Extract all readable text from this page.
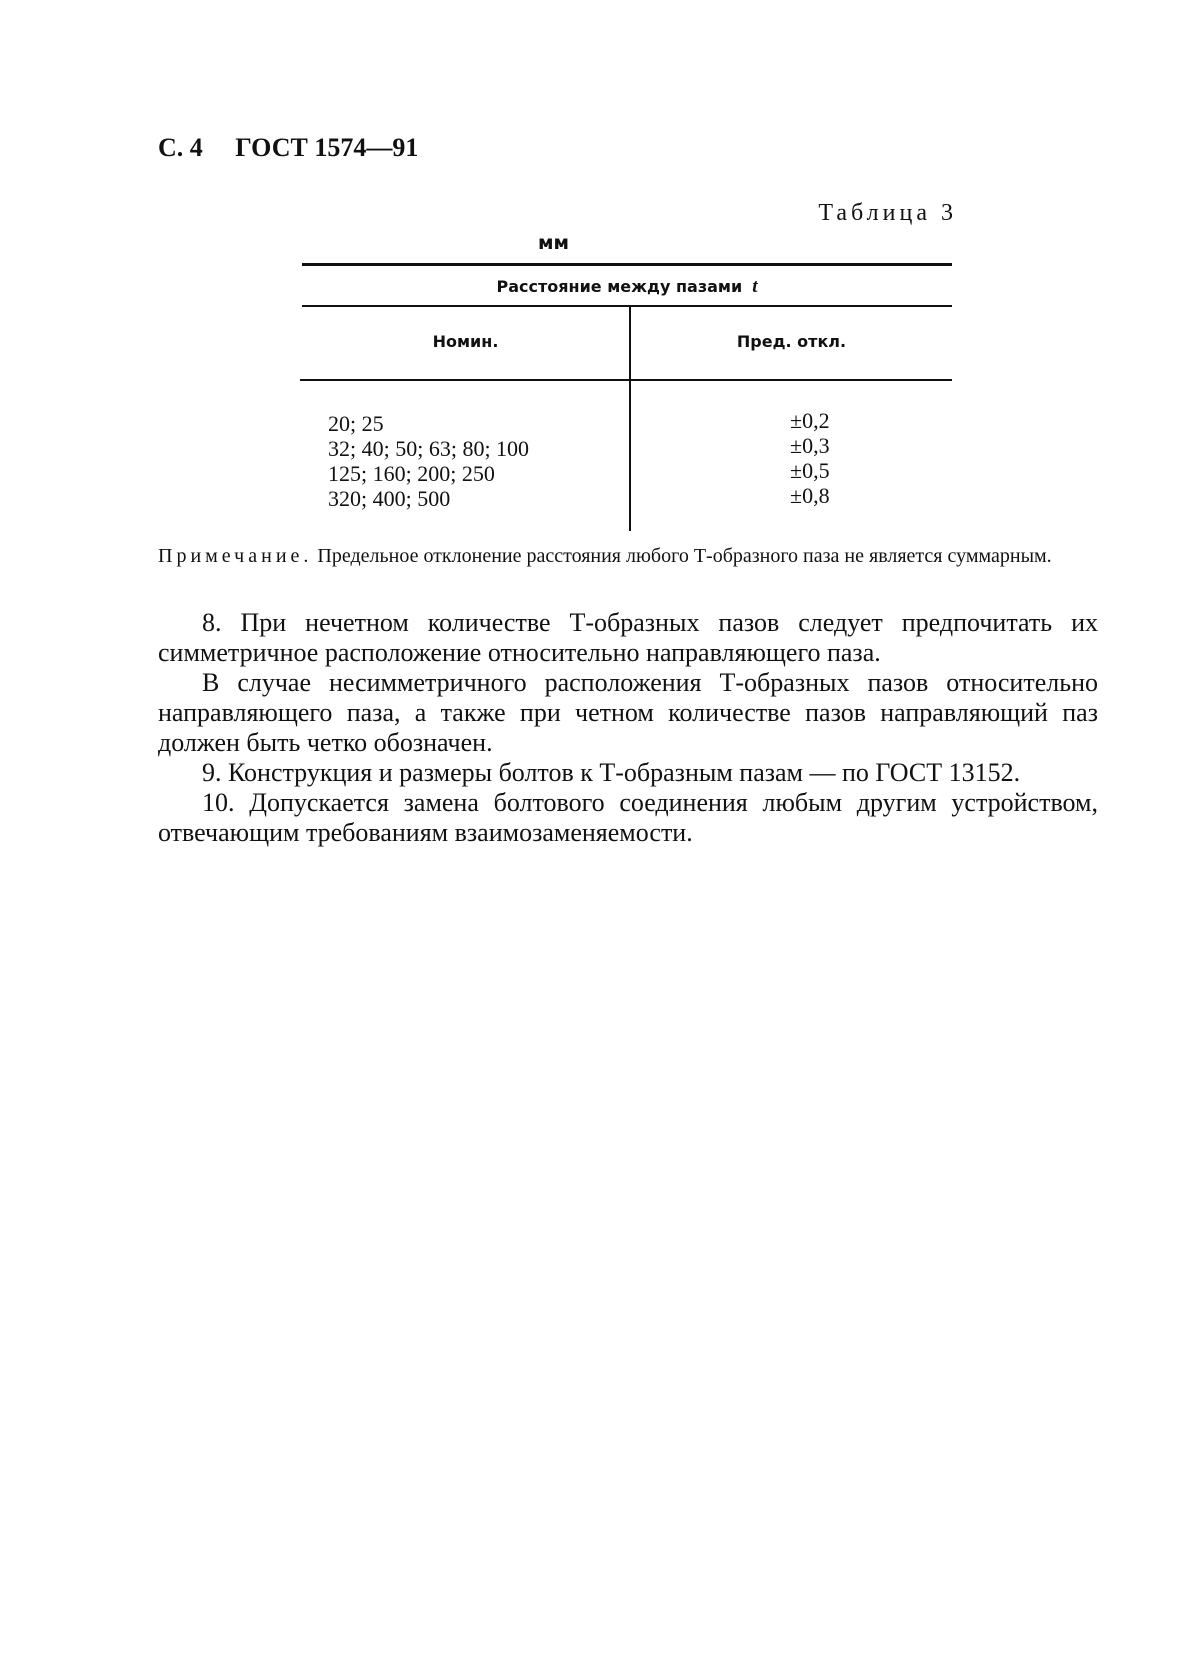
С. 4 ГОСТ 1574—91
Таблица 3
мм
Расстояние между пазами t
Номин.	Пред. откл.
20; 25
32; 40; 50; 63; 80; 100
125; 160; 200; 250
320; 400; 500
±0,2
±0,3
±0,5
±0,8
Примечание. Предельное отклонение расстояния любого Т-образного паза не является суммарным.

8. При нечетном количестве Т-образных пазов следует предпочитать их симметричное расположение относительно направляющего паза.

В случае несимметричного расположения Т-образных пазов относительно направляющего паза, а также при четном количестве пазов направляющий паз должен быть четко обозначен.

9. Конструкция и размеры болтов к Т-образным пазам — по ГОСТ 13152.

10. Допускается замена болтового соединения любым другим устройством, отвечающим требованиям взаимозаменяемости.
